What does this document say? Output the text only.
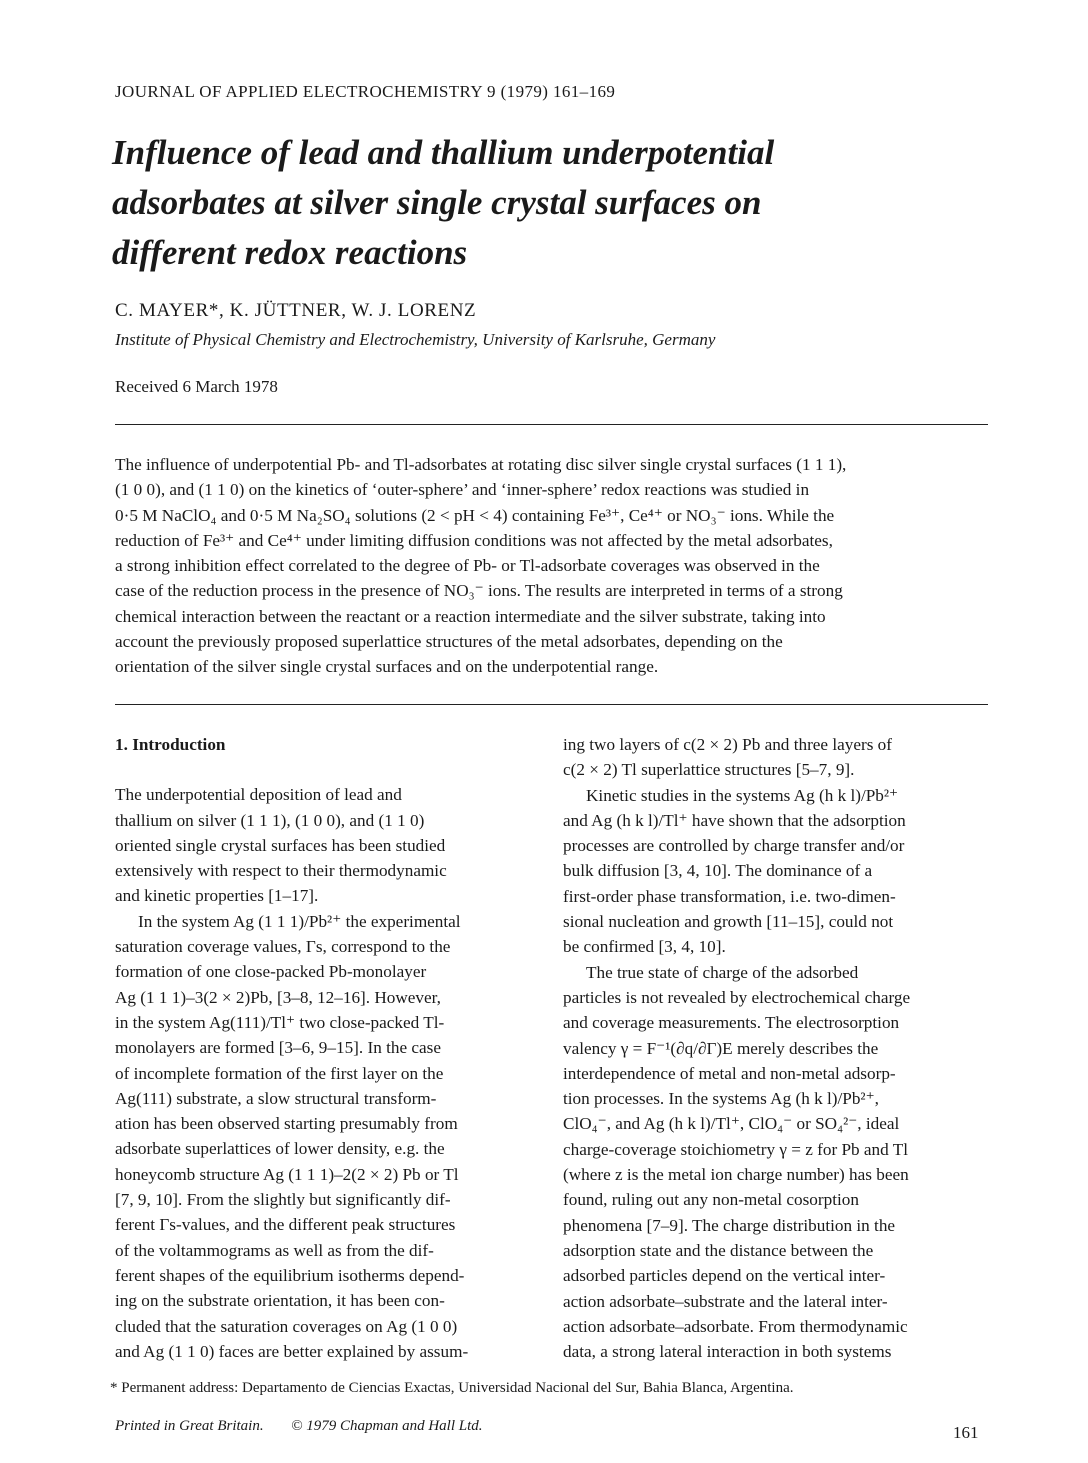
JOURNAL OF APPLIED ELECTROCHEMISTRY 9 (1979) 161–169
Influence of lead and thallium underpotential
adsorbates at silver single crystal surfaces on
different redox reactions
C. MAYER*, K. JÜTTNER, W. J. LORENZ
Institute of Physical Chemistry and Electrochemistry, University of Karlsruhe, Germany
Received 6 March 1978
The influence of underpotential Pb- and Tl-adsorbates at rotating disc silver single crystal surfaces (1 1 1),
(1 0 0), and (1 1 0) on the kinetics of ‘outer-sphere’ and ‘inner-sphere’ redox reactions was studied in
0·5 M NaClO₄ and 0·5 M Na₂SO₄ solutions (2 < pH < 4) containing Fe³⁺, Ce⁴⁺ or NO₃⁻ ions. While the
reduction of Fe³⁺ and Ce⁴⁺ under limiting diffusion conditions was not affected by the metal adsorbates,
a strong inhibition effect correlated to the degree of Pb- or Tl-adsorbate coverages was observed in the
case of the reduction process in the presence of NO₃⁻ ions. The results are interpreted in terms of a strong
chemical interaction between the reactant or a reaction intermediate and the silver substrate, taking into
account the previously proposed superlattice structures of the metal adsorbates, depending on the
orientation of the silver single crystal surfaces and on the underpotential range.
1. Introduction
The underpotential deposition of lead and
thallium on silver (1 1 1), (1 0 0), and (1 1 0)
oriented single crystal surfaces has been studied
extensively with respect to their thermodynamic
and kinetic properties [1–17].
In the system Ag (1 1 1)/Pb²⁺ the experimental
saturation coverage values, Γs, correspond to the
formation of one close-packed Pb-monolayer
Ag (1 1 1)–3(2 × 2)Pb, [3–8, 12–16]. However,
in the system Ag(111)/Tl⁺ two close-packed Tl-
monolayers are formed [3–6, 9–15]. In the case
of incomplete formation of the first layer on the
Ag(111) substrate, a slow structural transform-
ation has been observed starting presumably from
adsorbate superlattices of lower density, e.g. the
honeycomb structure Ag (1 1 1)–2(2 × 2) Pb or Tl
[7, 9, 10]. From the slightly but significantly dif-
ferent Γs-values, and the different peak structures
of the voltammograms as well as from the dif-
ferent shapes of the equilibrium isotherms depend-
ing on the substrate orientation, it has been con-
cluded that the saturation coverages on Ag (1 0 0)
and Ag (1 1 0) faces are better explained by assum-
ing two layers of c(2 × 2) Pb and three layers of
c(2 × 2) Tl superlattice structures [5–7, 9].
Kinetic studies in the systems Ag (h k l)/Pb²⁺
and Ag (h k l)/Tl⁺ have shown that the adsorption
processes are controlled by charge transfer and/or
bulk diffusion [3, 4, 10]. The dominance of a
first-order phase transformation, i.e. two-dimen-
sional nucleation and growth [11–15], could not
be confirmed [3, 4, 10].
The true state of charge of the adsorbed
particles is not revealed by electrochemical charge
and coverage measurements. The electrosorption
valency γ = F⁻¹(∂q/∂Γ)E merely describes the
interdependence of metal and non-metal adsorp-
tion processes. In the systems Ag (h k l)/Pb²⁺,
ClO₄⁻, and Ag (h k l)/Tl⁺, ClO₄⁻ or SO₄²⁻, ideal
charge-coverage stoichiometry γ = z for Pb and Tl
(where z is the metal ion charge number) has been
found, ruling out any non-metal cosorption
phenomena [7–9]. The charge distribution in the
adsorption state and the distance between the
adsorbed particles depend on the vertical inter-
action adsorbate–substrate and the lateral inter-
action adsorbate–adsorbate. From thermodynamic
data, a strong lateral interaction in both systems
* Permanent address: Departamento de Ciencias Exactas, Universidad Nacional del Sur, Bahia Blanca, Argentina.
Printed in Great Britain. © 1979 Chapman and Hall Ltd.	161
